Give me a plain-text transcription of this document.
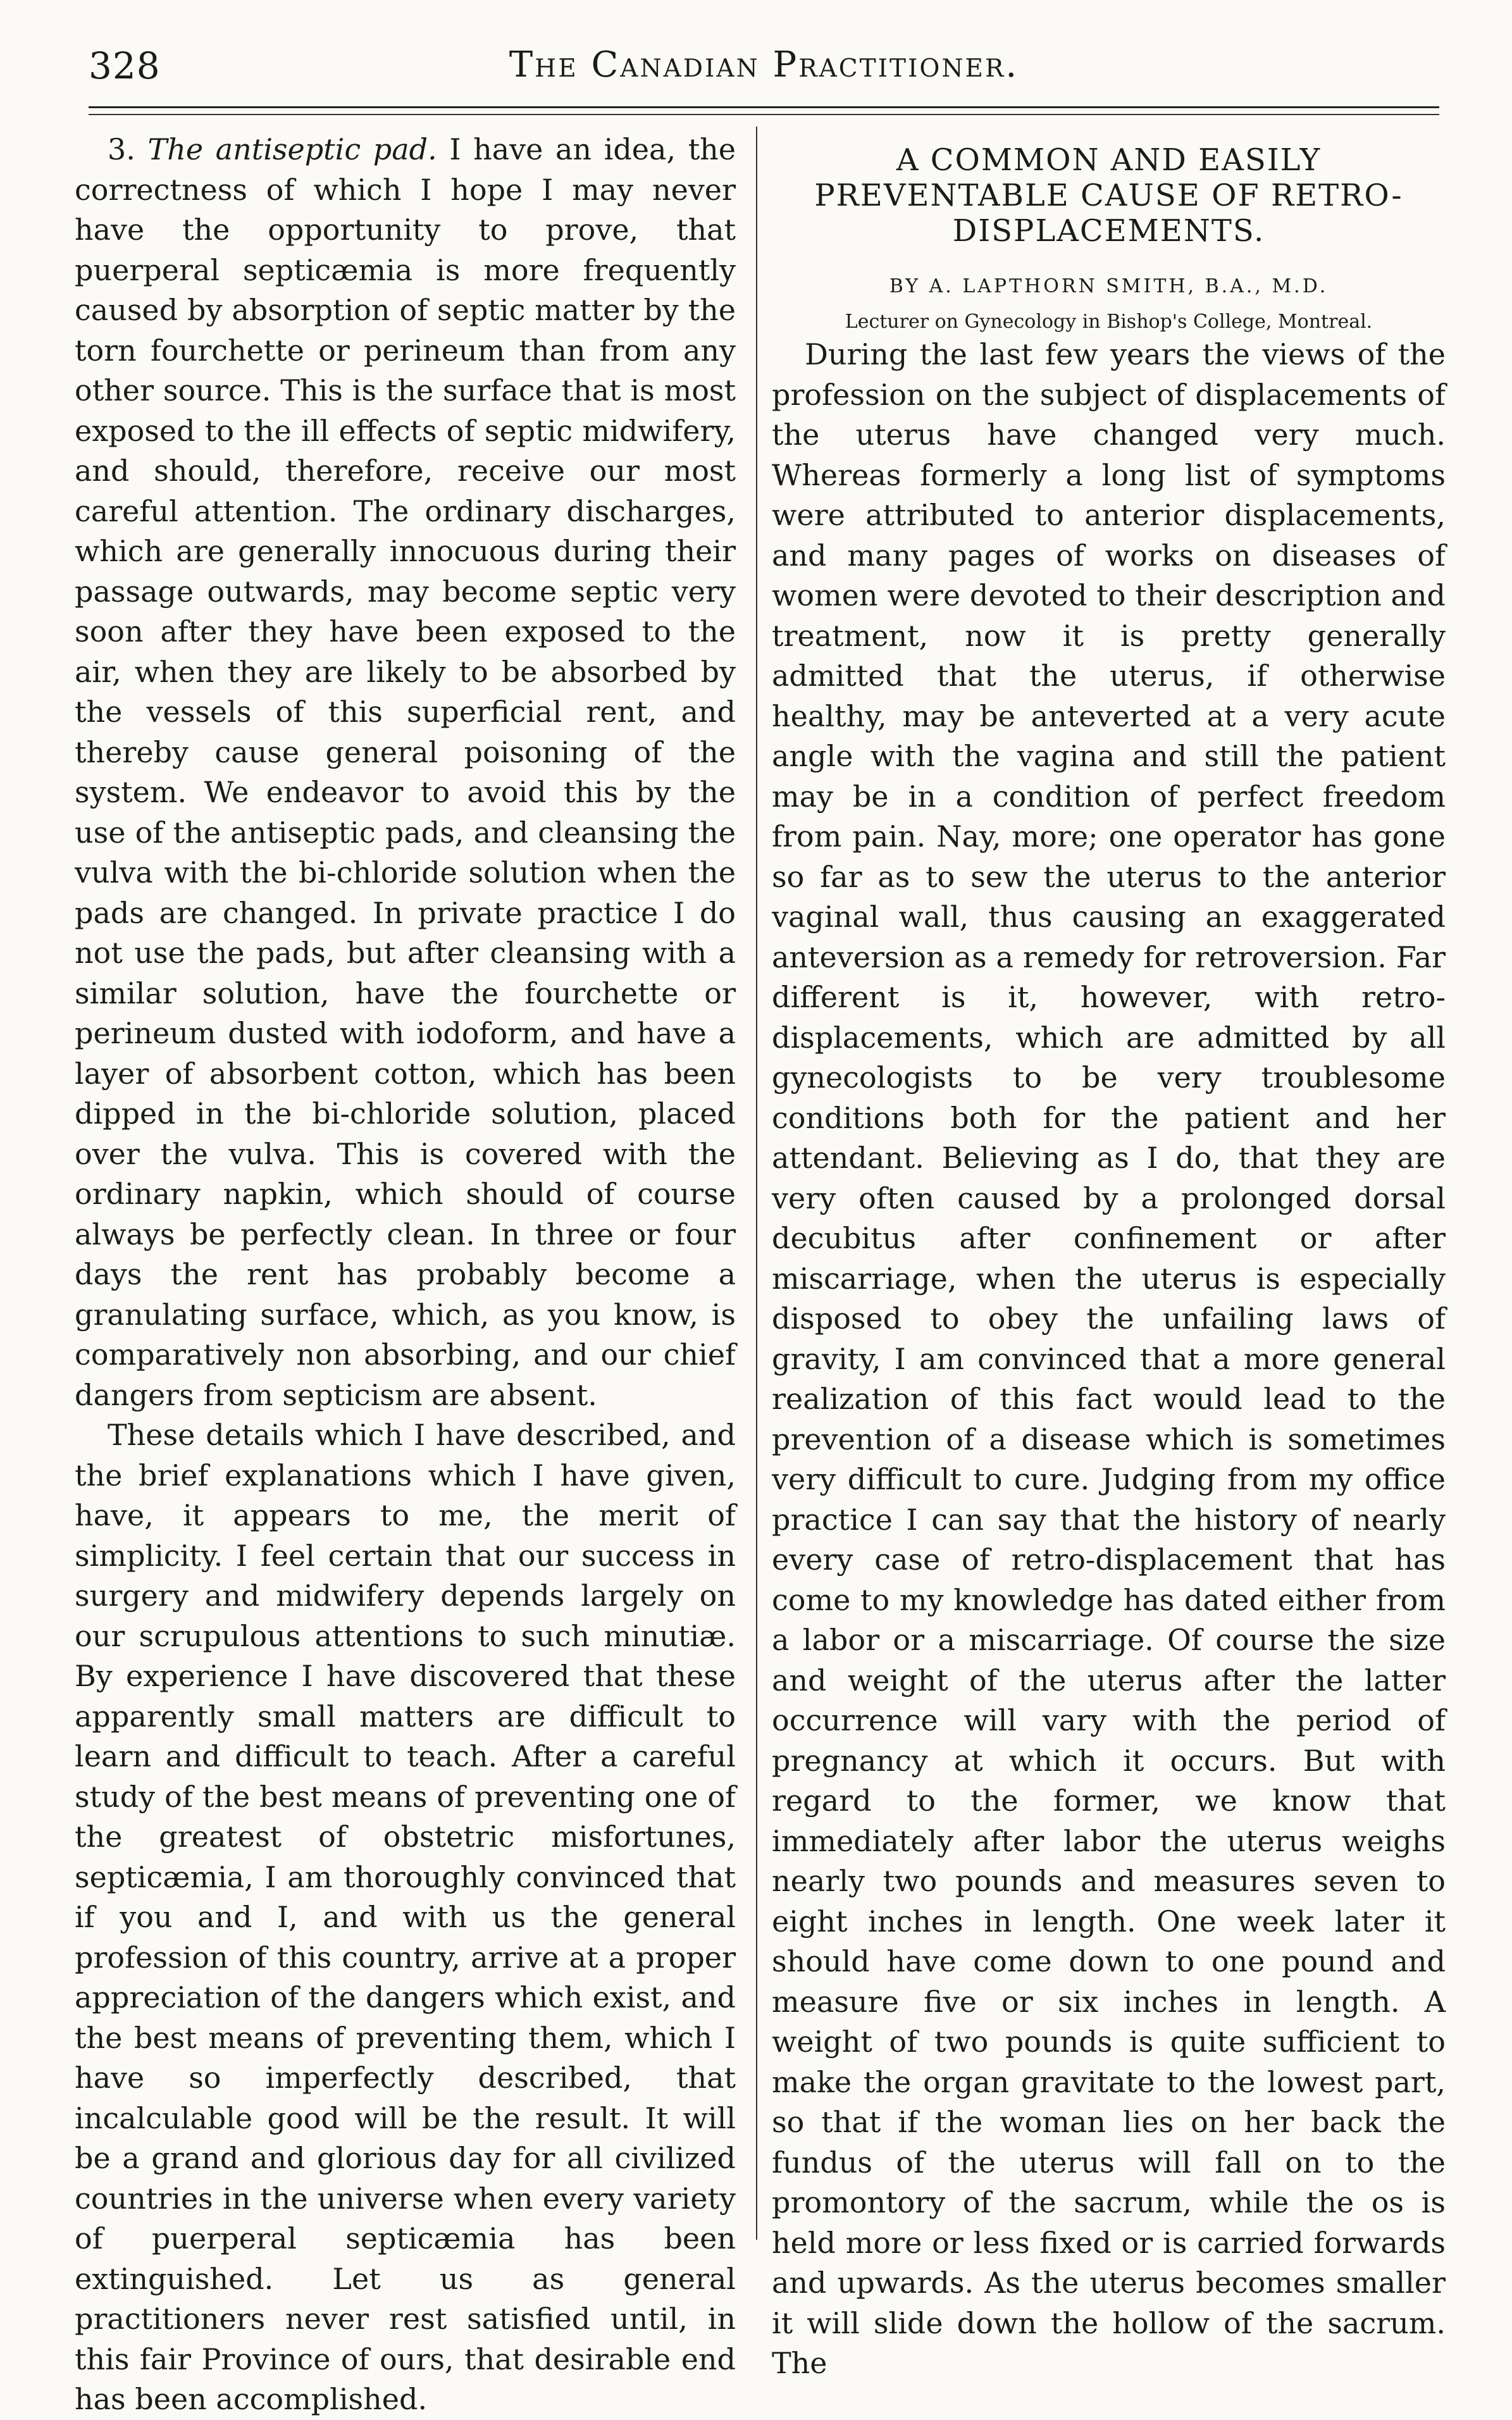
328	The Canadian Practitioner.

3. The antiseptic pad. I have an idea, the correctness of which I hope I may never have the opportunity to prove, that puerperal septicæmia is more frequently caused by absorption of septic matter by the torn fourchette or perineum than from any other source. This is the surface that is most exposed to the ill effects of septic midwifery, and should, therefore, receive our most careful attention. The ordinary discharges, which are generally innocuous during their passage outwards, may become septic very soon after they have been exposed to the air, when they are likely to be absorbed by the vessels of this superficial rent, and thereby cause general poisoning of the system. We endeavor to avoid this by the use of the antiseptic pads, and cleansing the vulva with the bi-chloride solution when the pads are changed. In private practice I do not use the pads, but after cleansing with a similar solution, have the fourchette or perineum dusted with iodoform, and have a layer of absorbent cotton, which has been dipped in the bi-chloride solution, placed over the vulva. This is covered with the ordinary napkin, which should of course always be perfectly clean. In three or four days the rent has probably become a granulating surface, which, as you know, is comparatively non absorbing, and our chief dangers from septicism are absent.

These details which I have described, and the brief explanations which I have given, have, it appears to me, the merit of simplicity. I feel certain that our success in surgery and midwifery depends largely on our scrupulous attentions to such minutiæ. By experience I have discovered that these apparently small matters are difficult to learn and difficult to teach. After a careful study of the best means of preventing one of the greatest of obstetric misfortunes, septicæmia, I am thoroughly convinced that if you and I, and with us the general profession of this country, arrive at a proper appreciation of the dangers which exist, and the best means of preventing them, which I have so imperfectly described, that incalculable good will be the result. It will be a grand and glorious day for all civilized countries in the universe when every variety of puerperal septicæmia has been extinguished. Let us as general practitioners never rest satisfied until, in this fair Province of ours, that desirable end has been accomplished.

A COMMON AND EASILY PREVENTABLE CAUSE OF RETRO-DISPLACEMENTS.
BY A. LAPTHORN SMITH, B.A., M.D.
Lecturer on Gynecology in Bishop's College, Montreal.

During the last few years the views of the profession on the subject of displacements of the uterus have changed very much. Whereas formerly a long list of symptoms were attributed to anterior displacements, and many pages of works on diseases of women were devoted to their description and treatment, now it is pretty generally admitted that the uterus, if otherwise healthy, may be anteverted at a very acute angle with the vagina and still the patient may be in a condition of perfect freedom from pain. Nay, more; one operator has gone so far as to sew the uterus to the anterior vaginal wall, thus causing an exaggerated anteversion as a remedy for retroversion. Far different is it, however, with retro-displacements, which are admitted by all gynecologists to be very troublesome conditions both for the patient and her attendant. Believing as I do, that they are very often caused by a prolonged dorsal decubitus after confinement or after miscarriage, when the uterus is especially disposed to obey the unfailing laws of gravity, I am convinced that a more general realization of this fact would lead to the prevention of a disease which is sometimes very difficult to cure. Judging from my office practice I can say that the history of nearly every case of retro-displacement that has come to my knowledge has dated either from a labor or a miscarriage. Of course the size and weight of the uterus after the latter occurrence will vary with the period of pregnancy at which it occurs. But with regard to the former, we know that immediately after labor the uterus weighs nearly two pounds and measures seven to eight inches in length. One week later it should have come down to one pound and measure five or six inches in length. A weight of two pounds is quite sufficient to make the organ gravitate to the lowest part, so that if the woman lies on her back the fundus of the uterus will fall on to the promontory of the sacrum, while the os is held more or less fixed or is carried forwards and upwards. As the uterus becomes smaller it will slide down the hollow of the sacrum. The
